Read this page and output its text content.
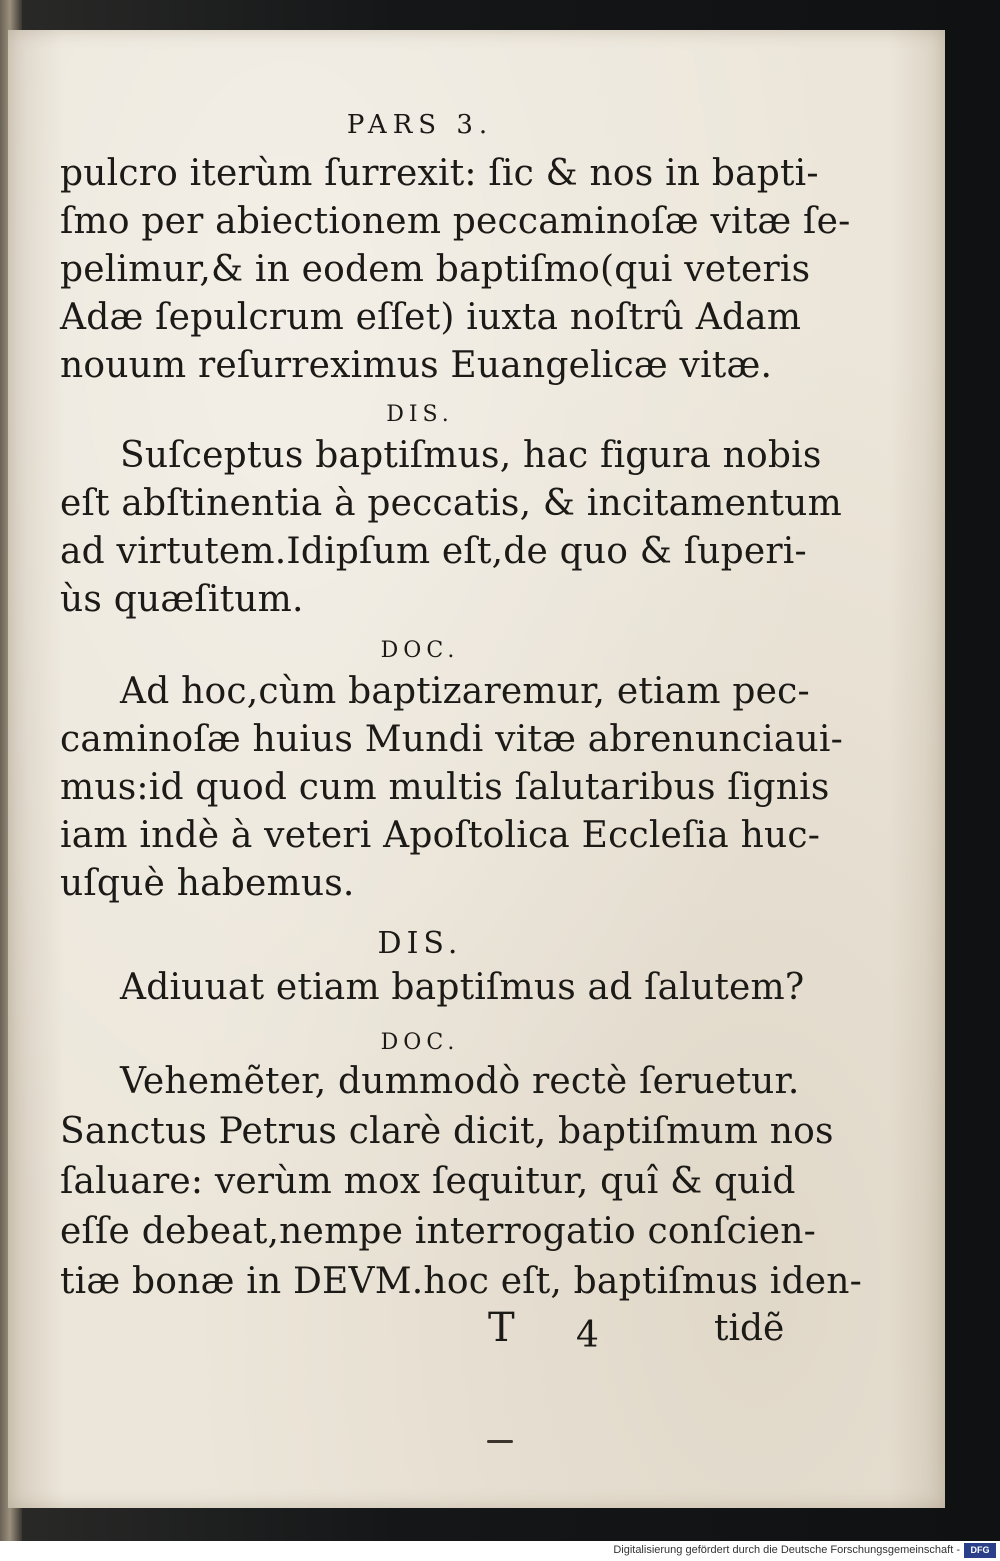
PARS 3.
pulcro iterùm ſurrexit: ſic & nos in bapti-
ſmo per abiectionem peccaminoſæ vitæ ſe-
pelimur,& in eodem baptiſmo(qui veteris
Adæ ſepulcrum eſſet) iuxta noſtrû Adam
nouum reſurreximus Euangelicæ vitæ.
DIS.
Suſceptus baptiſmus, hac figura nobis
eſt abſtinentia à peccatis, & incitamentum
ad virtutem.Idipſum eſt,de quo & ſuperi-
ùs quæſitum.
DOC.
Ad hoc,cùm baptizaremur, etiam pec-
caminoſæ huius Mundi vitæ abrenunciaui-
mus:id quod cum multis ſalutaribus ſignis
iam indè à veteri Apoſtolica Eccleſia huc-
uſquè habemus.
DIS.
Adiuuat etiam baptiſmus ad ſalutem?
DOC.
Vehemẽter, dummodò rectè ſeruetur.
Sanctus Petrus clarè dicit, baptiſmum nos
ſaluare: verùm mox ſequitur, quî & quid
eſſe debeat,nempe interrogatio conſcien-
tiæ bonæ in DEVM.hoc eſt, baptiſmus iden-
T 4	tidẽ
Digitalisierung gefördert durch die Deutsche Forschungsgemeinschaft -	DFG
